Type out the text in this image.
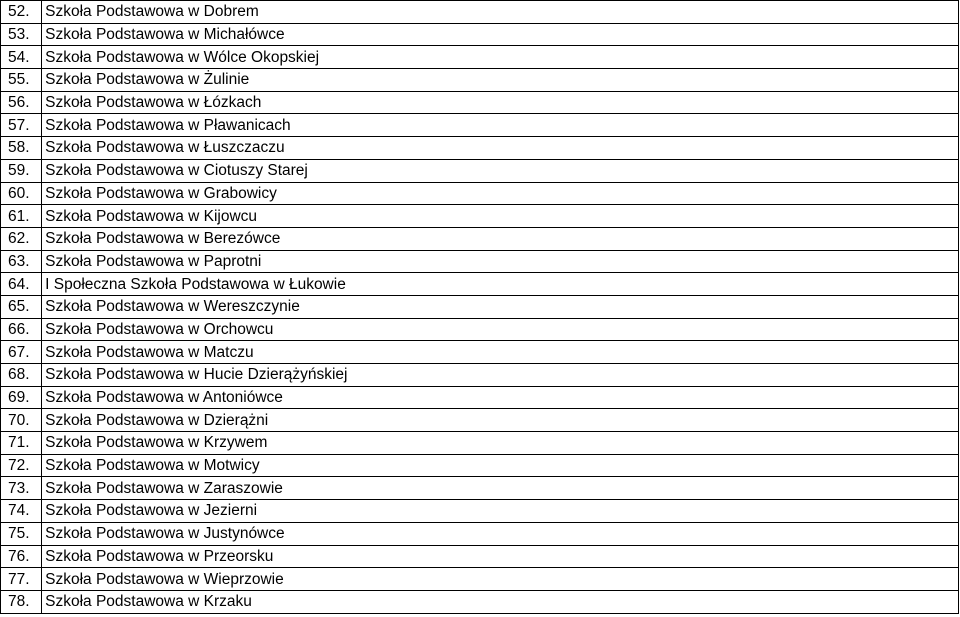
52.	Szkoła Podstawowa w Dobrem
53.	Szkoła Podstawowa w Michałówce
54.	Szkoła Podstawowa w Wólce Okopskiej
55.	Szkoła Podstawowa w Żulinie
56.	Szkoła Podstawowa w Łózkach
57.	Szkoła Podstawowa w Pławanicach
58.	Szkoła Podstawowa w Łuszczaczu
59.	Szkoła Podstawowa w Ciotuszy Starej
60.	Szkoła Podstawowa w Grabowicy
61.	Szkoła Podstawowa w Kijowcu
62.	Szkoła Podstawowa w Berezówce
63.	Szkoła Podstawowa w Paprotni
64.	I Społeczna Szkoła Podstawowa w Łukowie
65.	Szkoła Podstawowa w Wereszczynie
66.	Szkoła Podstawowa w Orchowcu
67.	Szkoła Podstawowa w Matczu
68.	Szkoła Podstawowa w Hucie Dzierążyńskiej
69.	Szkoła Podstawowa w Antoniówce
70.	Szkoła Podstawowa w Dzierążni
71.	Szkoła Podstawowa w Krzywem
72.	Szkoła Podstawowa w Motwicy
73.	Szkoła Podstawowa w Zaraszowie
74.	Szkoła Podstawowa w Jezierni
75.	Szkoła Podstawowa w Justynówce
76.	Szkoła Podstawowa w Przeorsku
77.	Szkoła Podstawowa w Wieprzowie
78.	Szkoła Podstawowa w Krzaku
